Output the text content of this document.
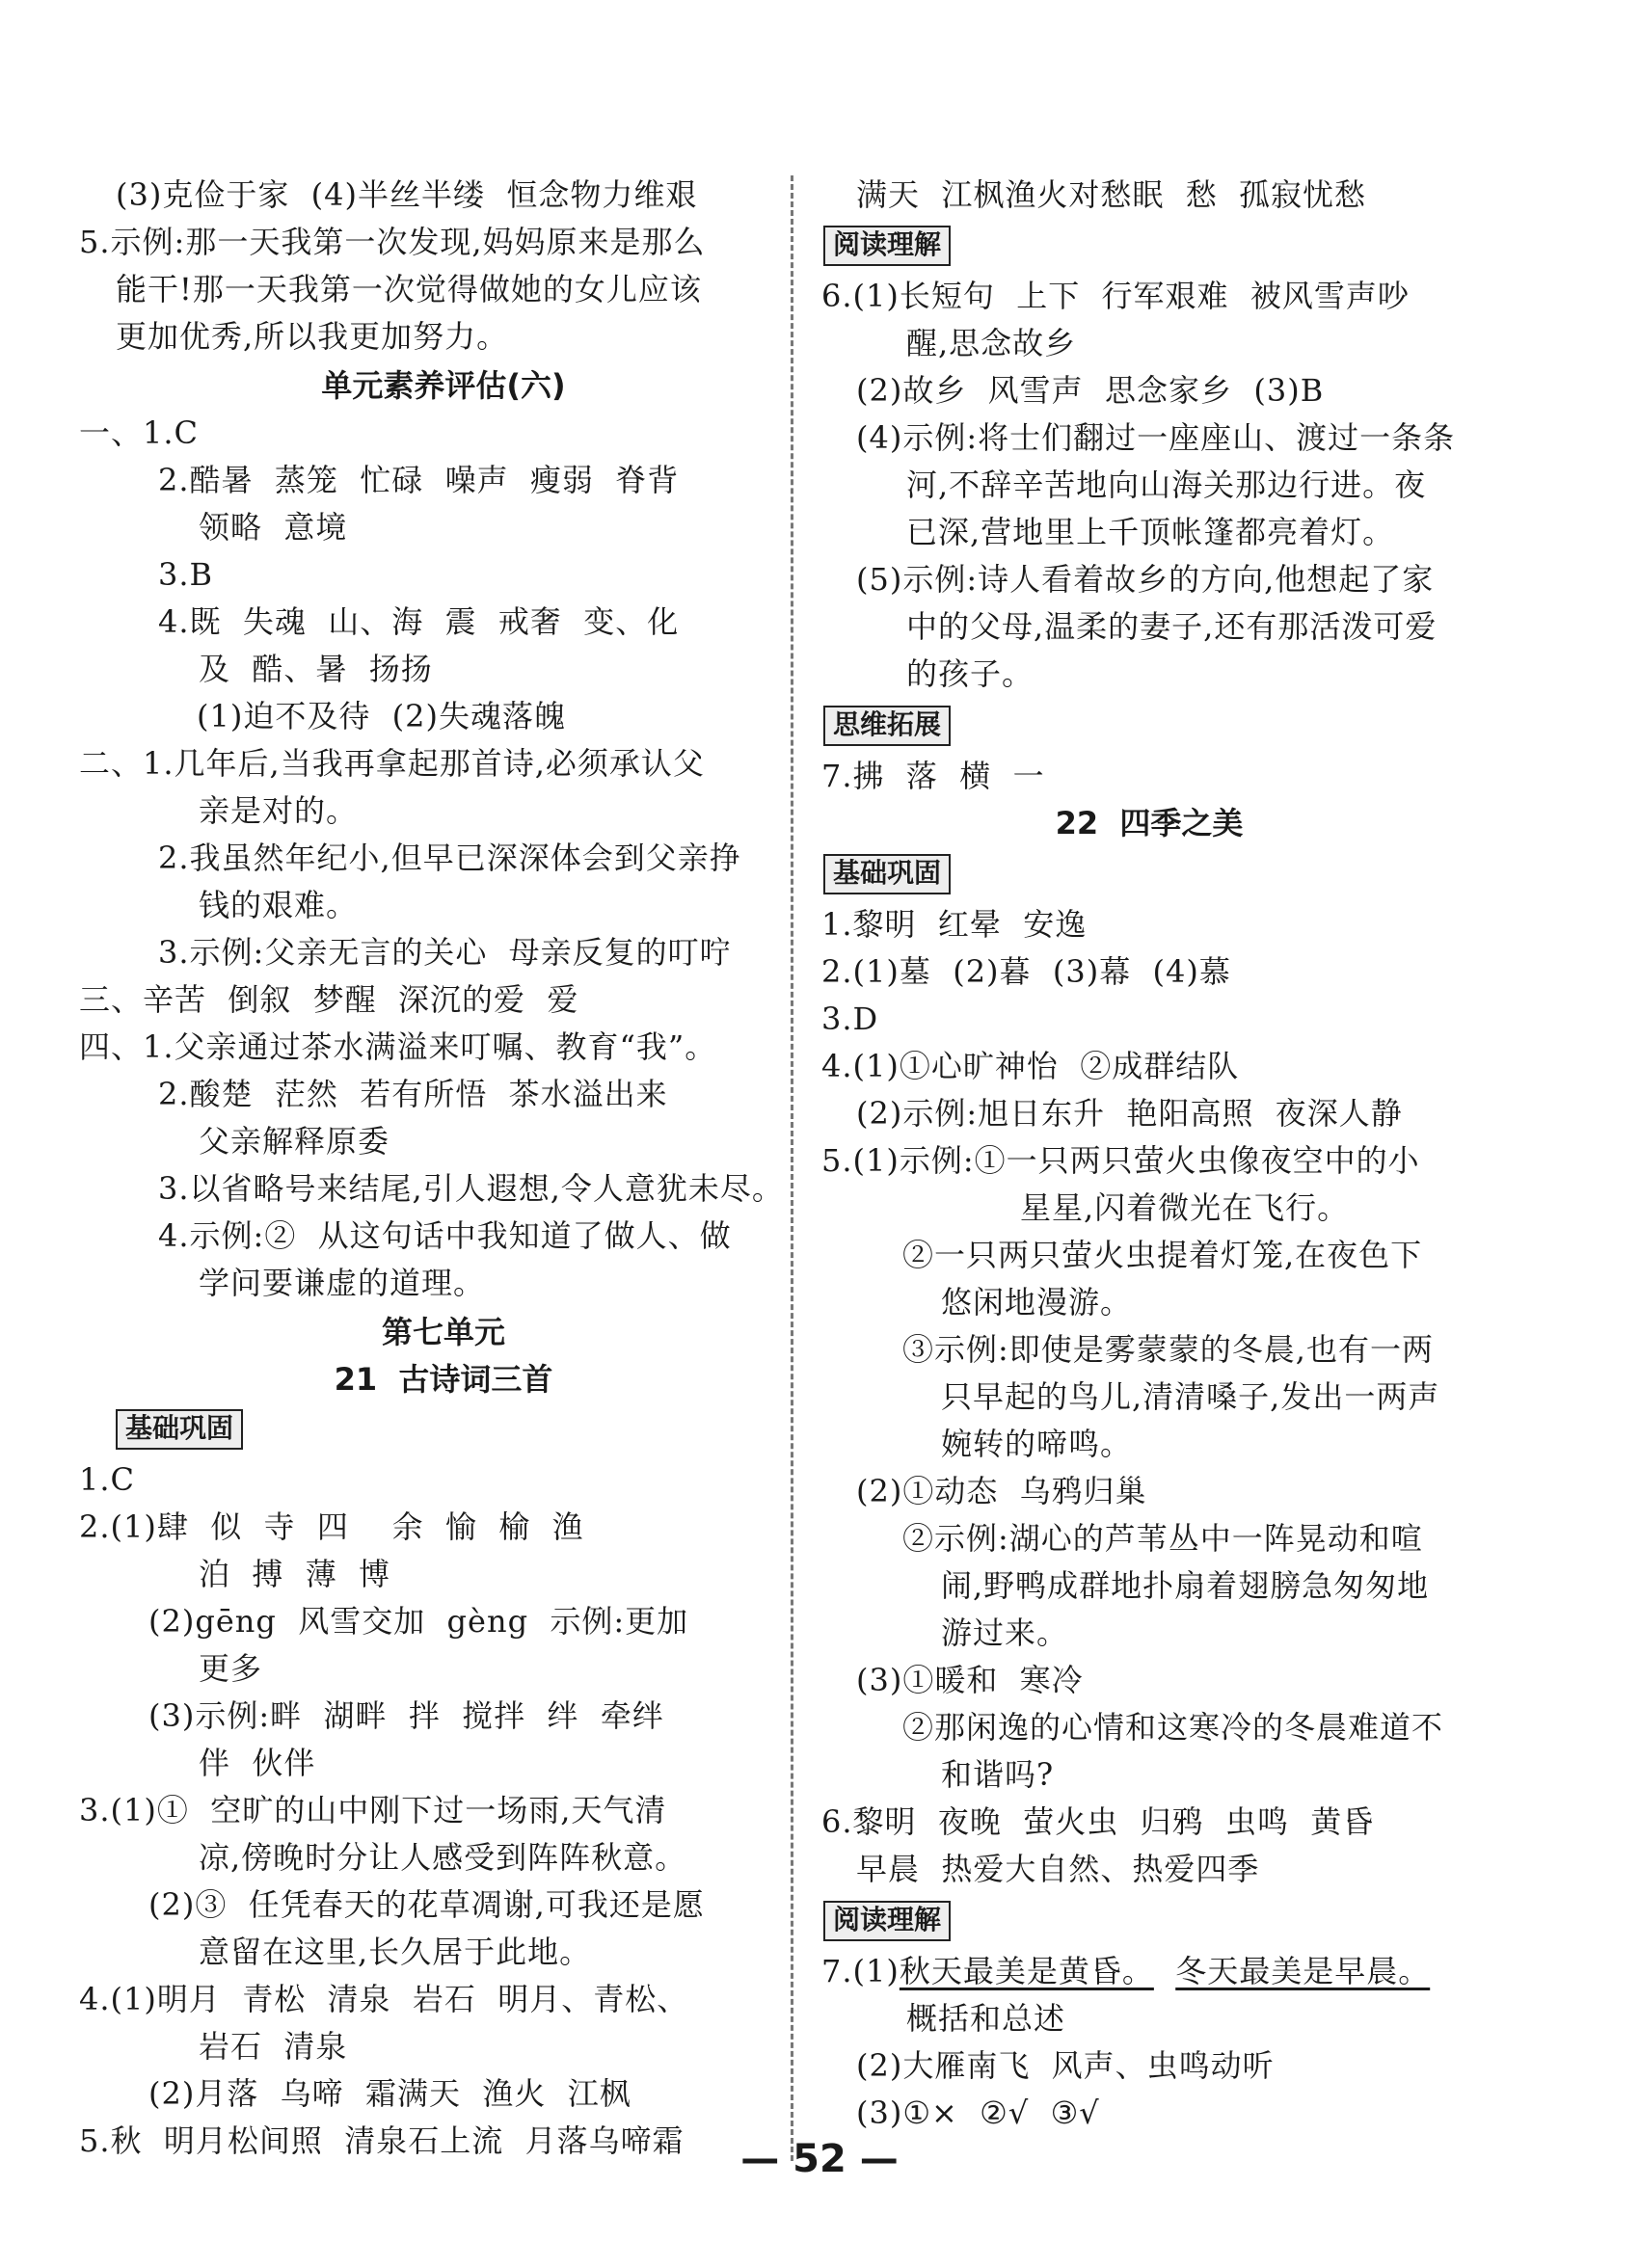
(3)克俭于家  (4)半丝半缕  恒念物力维艰
5.示例:那一天我第一次发现,妈妈原来是那么
能干!那一天我第一次觉得做她的女儿应该
更加优秀,所以我更加努力。
单元素养评估(六)
一、1.C
2.酷暑  蒸笼  忙碌  噪声  瘦弱  脊背
领略  意境
3.B
4.既  失魂  山、海  震  戒奢  变、化
及  酷、暑  扬扬
(1)迫不及待  (2)失魂落魄
二、1.几年后,当我再拿起那首诗,必须承认父
亲是对的。
2.我虽然年纪小,但早已深深体会到父亲挣
钱的艰难。
3.示例:父亲无言的关心  母亲反复的叮咛
三、辛苦  倒叙  梦醒  深沉的爱  爱
四、1.父亲通过茶水满溢来叮嘱、教育“我”。
2.酸楚  茫然  若有所悟  茶水溢出来
父亲解释原委
3.以省略号来结尾,引人遐想,令人意犹未尽。
4.示例:②  从这句话中我知道了做人、做
学问要谦虚的道理。
第七单元
21  古诗词三首
基础巩固
1.C
2.(1)肆  似  寺  四    余  愉  榆  渔
泊  搏  薄  博
(2)gēng  风雪交加  gèng  示例:更加
更多
(3)示例:畔  湖畔  拌  搅拌  绊  牵绊
伴  伙伴
3.(1)①  空旷的山中刚下过一场雨,天气清
凉,傍晚时分让人感受到阵阵秋意。
(2)③  任凭春天的花草凋谢,可我还是愿
意留在这里,长久居于此地。
4.(1)明月  青松  清泉  岩石  明月、青松、
岩石  清泉
(2)月落  乌啼  霜满天  渔火  江枫
5.秋  明月松间照  清泉石上流  月落乌啼霜
满天  江枫渔火对愁眠  愁  孤寂忧愁
阅读理解
6.(1)长短句  上下  行军艰难  被风雪声吵
醒,思念故乡
(2)故乡  风雪声  思念家乡  (3)B
(4)示例:将士们翻过一座座山、渡过一条条
河,不辞辛苦地向山海关那边行进。夜
已深,营地里上千顶帐篷都亮着灯。
(5)示例:诗人看着故乡的方向,他想起了家
中的父母,温柔的妻子,还有那活泼可爱
的孩子。
思维拓展
7.拂  落  横  一
22  四季之美
基础巩固
1.黎明  红晕  安逸
2.(1)墓  (2)暮  (3)幕  (4)慕
3.D
4.(1)①心旷神怡  ②成群结队
(2)示例:旭日东升  艳阳高照  夜深人静
5.(1)示例:①一只两只萤火虫像夜空中的小
星星,闪着微光在飞行。
②一只两只萤火虫提着灯笼,在夜色下
悠闲地漫游。
③示例:即使是雾蒙蒙的冬晨,也有一两
只早起的鸟儿,清清嗓子,发出一两声
婉转的啼鸣。
(2)①动态  乌鸦归巢
②示例:湖心的芦苇丛中一阵晃动和喧
闹,野鸭成群地扑扇着翅膀急匆匆地
游过来。
(3)①暖和  寒冷
②那闲逸的心情和这寒冷的冬晨难道不
和谐吗?
6.黎明  夜晚  萤火虫  归鸦  虫鸣  黄昏
早晨  热爱大自然、热爱四季
阅读理解
7.(1)秋天最美是黄昏。 冬天最美是早晨。
概括和总述
(2)大雁南飞  风声、虫鸣动听
(3)①×  ②√  ③√
— 52 —
